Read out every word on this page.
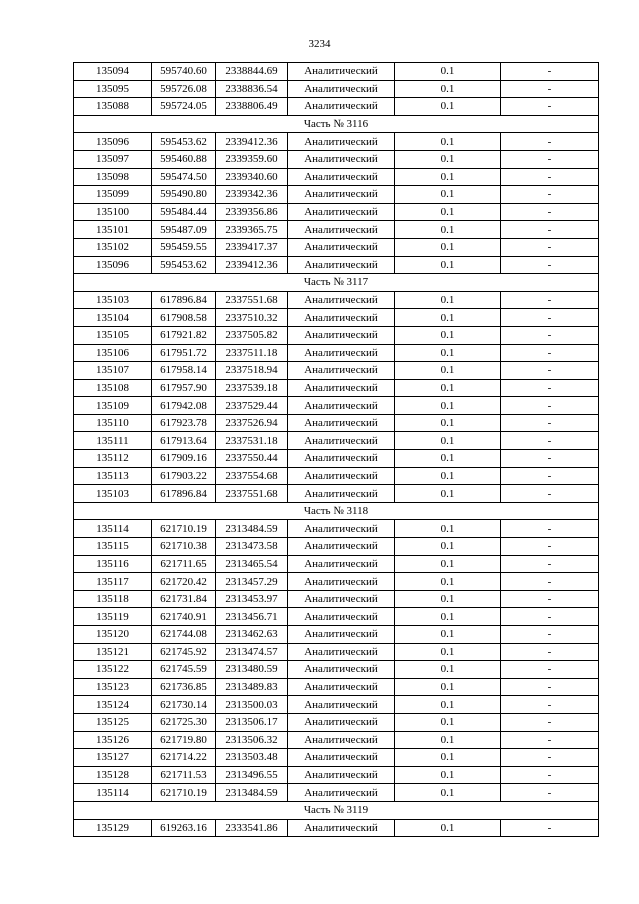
3234
135094	595740.60	2338844.69	Аналитический	0.1	-
135095	595726.08	2338836.54	Аналитический	0.1	-
135088	595724.05	2338806.49	Аналитический	0.1	-
Часть № 3116					
135096	595453.62	2339412.36	Аналитический	0.1	-
135097	595460.88	2339359.60	Аналитический	0.1	-
135098	595474.50	2339340.60	Аналитический	0.1	-
135099	595490.80	2339342.36	Аналитический	0.1	-
135100	595484.44	2339356.86	Аналитический	0.1	-
135101	595487.09	2339365.75	Аналитический	0.1	-
135102	595459.55	2339417.37	Аналитический	0.1	-
135096	595453.62	2339412.36	Аналитический	0.1	-
Часть № 3117					
135103	617896.84	2337551.68	Аналитический	0.1	-
135104	617908.58	2337510.32	Аналитический	0.1	-
135105	617921.82	2337505.82	Аналитический	0.1	-
135106	617951.72	2337511.18	Аналитический	0.1	-
135107	617958.14	2337518.94	Аналитический	0.1	-
135108	617957.90	2337539.18	Аналитический	0.1	-
135109	617942.08	2337529.44	Аналитический	0.1	-
135110	617923.78	2337526.94	Аналитический	0.1	-
135111	617913.64	2337531.18	Аналитический	0.1	-
135112	617909.16	2337550.44	Аналитический	0.1	-
135113	617903.22	2337554.68	Аналитический	0.1	-
135103	617896.84	2337551.68	Аналитический	0.1	-
Часть № 3118					
135114	621710.19	2313484.59	Аналитический	0.1	-
135115	621710.38	2313473.58	Аналитический	0.1	-
135116	621711.65	2313465.54	Аналитический	0.1	-
135117	621720.42	2313457.29	Аналитический	0.1	-
135118	621731.84	2313453.97	Аналитический	0.1	-
135119	621740.91	2313456.71	Аналитический	0.1	-
135120	621744.08	2313462.63	Аналитический	0.1	-
135121	621745.92	2313474.57	Аналитический	0.1	-
135122	621745.59	2313480.59	Аналитический	0.1	-
135123	621736.85	2313489.83	Аналитический	0.1	-
135124	621730.14	2313500.03	Аналитический	0.1	-
135125	621725.30	2313506.17	Аналитический	0.1	-
135126	621719.80	2313506.32	Аналитический	0.1	-
135127	621714.22	2313503.48	Аналитический	0.1	-
135128	621711.53	2313496.55	Аналитический	0.1	-
135114	621710.19	2313484.59	Аналитический	0.1	-
Часть № 3119					
135129	619263.16	2333541.86	Аналитический	0.1	-
